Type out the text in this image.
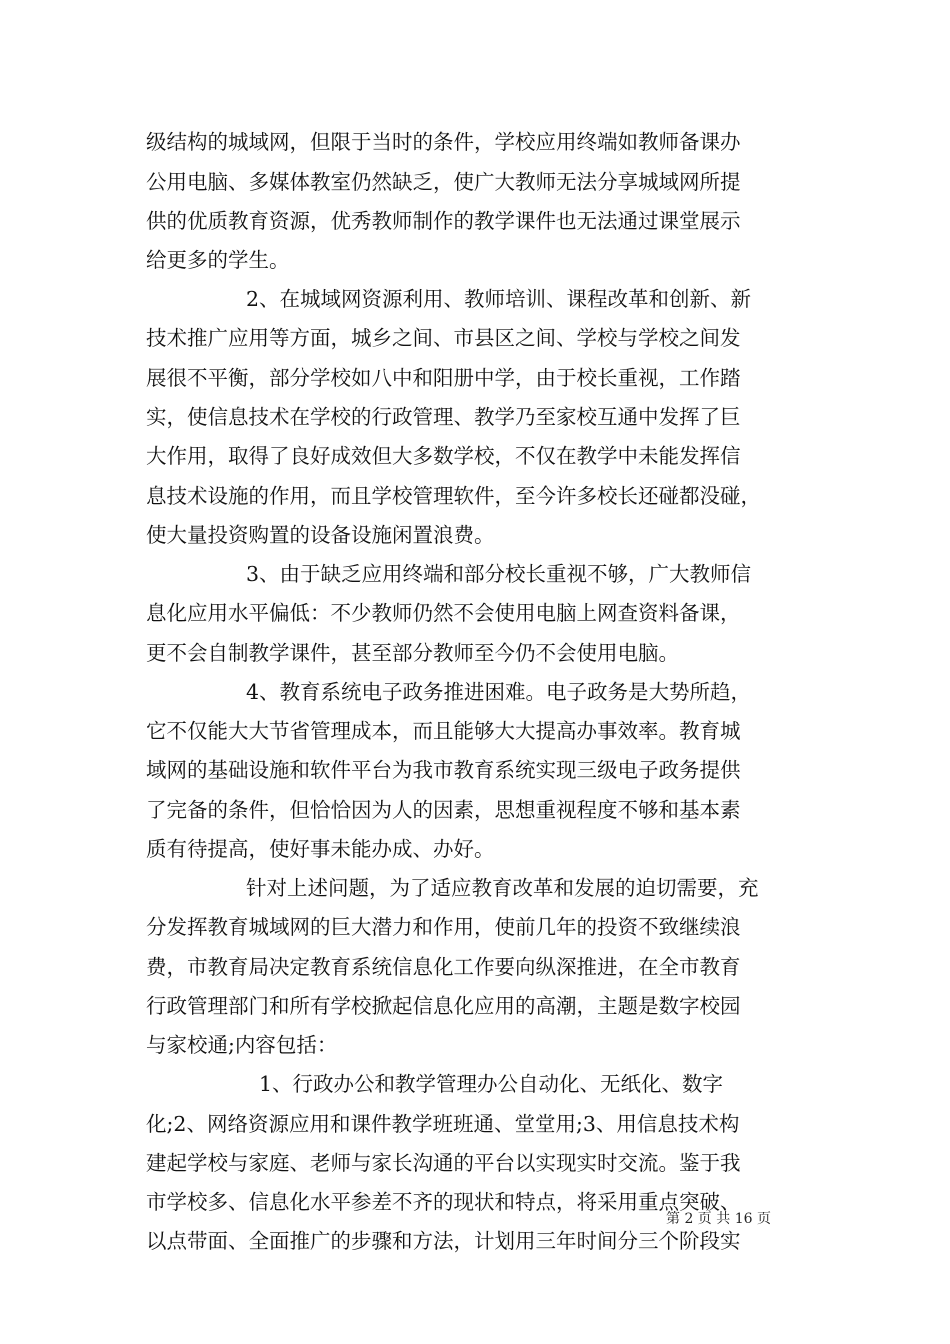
级结构的城域网，但限于当时的条件，学校应用终端如教师备课办

公用电脑、多媒体教室仍然缺乏，使广大教师无法分享城域网所提

供的优质教育资源，优秀教师制作的教学课件也无法通过课堂展示

给更多的学生。

2、在城域网资源利用、教师培训、课程改革和创新、新

技术推广应用等方面，城乡之间、市县区之间、学校与学校之间发

展很不平衡，部分学校如八中和阳册中学，由于校长重视，工作踏

实，使信息技术在学校的行政管理、教学乃至家校互通中发挥了巨

大作用，取得了良好成效但大多数学校，不仅在教学中未能发挥信

息技术设施的作用，而且学校管理软件，至今许多校长还碰都没碰，

使大量投资购置的设备设施闲置浪费。

3、由于缺乏应用终端和部分校长重视不够，广大教师信

息化应用水平偏低：不少教师仍然不会使用电脑上网查资料备课，

更不会自制教学课件，甚至部分教师至今仍不会使用电脑。

4、教育系统电子政务推进困难。电子政务是大势所趋，

它不仅能大大节省管理成本，而且能够大大提高办事效率。教育城

域网的基础设施和软件平台为我市教育系统实现三级电子政务提供

了完备的条件，但恰恰因为人的因素，思想重视程度不够和基本素

质有待提高，使好事未能办成、办好。

针对上述问题，为了适应教育改革和发展的迫切需要，充

分发挥教育城域网的巨大潜力和作用，使前几年的投资不致继续浪

费，市教育局决定教育系统信息化工作要向纵深推进，在全市教育

行政管理部门和所有学校掀起信息化应用的高潮，主题是数字校园

与家校通;内容包括：

1、行政办公和教学管理办公自动化、无纸化、数字

化;2、网络资源应用和课件教学班班通、堂堂用;3、用信息技术构

建起学校与家庭、老师与家长沟通的平台以实现实时交流。鉴于我

市学校多、信息化水平参差不齐的现状和特点，将采用重点突破、

以点带面、全面推广的步骤和方法，计划用三年时间分三个阶段实

第 2 页 共 16 页
